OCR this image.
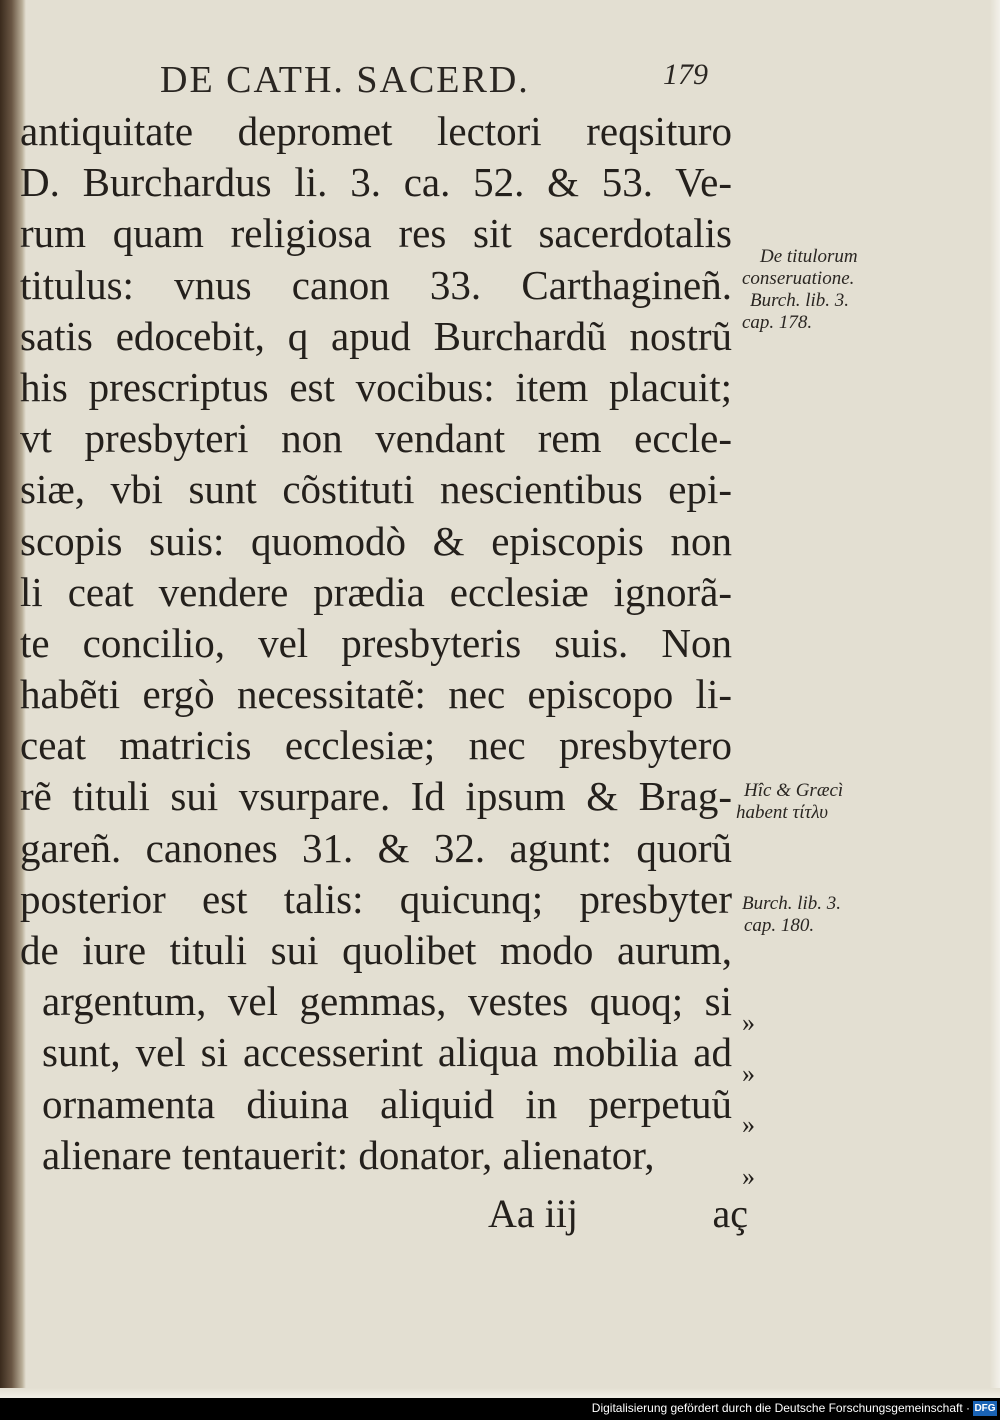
DE CATH. SACERD.	179
antiquitate depromet lectori reqsituro
D. Burchardus li. 3. ca. 52. & 53. Ve-
rum quam religiosa res sit sacerdotalis
titulus: vnus canon 33. Carthagineñ.
satis edocebit, q apud Burchardũ nostrũ
his prescriptus est vocibus: item placuit;
vt presbyteri non vendant rem eccle-
siæ, vbi sunt cõstituti nescientibus epi-
scopis suis: quomodò & episcopis non
li ceat vendere prædia ecclesiæ ignorã-
te concilio, vel presbyteris suis. Non
habẽti ergò necessitatẽ: nec episcopo li-
ceat matricis ecclesiæ; nec presbytero
rẽ tituli sui vsurpare. Id ipsum & Brag-
gareñ. canones 31. & 32. agunt: quorũ
posterior est talis: quicunq; presbyter
de iure tituli sui quolibet modo aurum,
argentum, vel gemmas, vestes quoq; si
sunt, vel si accesserint aliqua mobilia ad
ornamenta diuina aliquid in perpetuũ
alienare tentauerit: donator, alienator,
»
»
»
»
De titulorum
conseruatione.
Burch. lib. 3.
cap. 178.
Hîc & Græcì
habent τίτλυ
Burch. lib. 3.
cap. 180.
Aa iij	aç
Digitalisierung gefördert durch die Deutsche Forschungsgemeinschaft · DFG
